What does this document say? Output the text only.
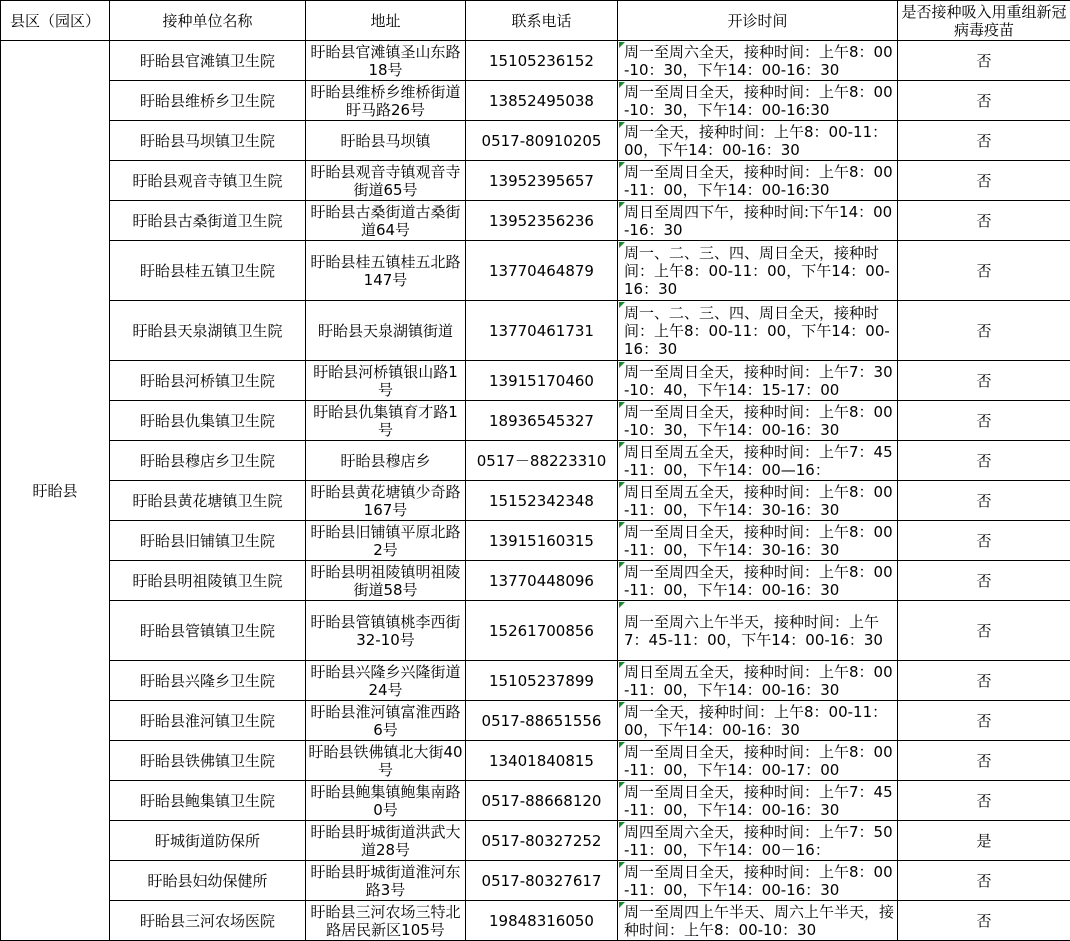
县区（园区）	接种单位名称	地址	联系电话	开诊时间	是否接种吸入用重组新冠病毒疫苗
盱眙县	盱眙县官滩镇卫生院	盱眙县官滩镇圣山东路18号	15105236152	周一至周六全天，接种时间：上午8：00-10：30，下午14：00-16：30	否
	盱眙县维桥乡卫生院	盱眙县维桥乡维桥街道盱马路26号	13852495038	周一至周日全天，接种时间：上午8：00-10：30，下午14：00-16:30	否
	盱眙县马坝镇卫生院	盱眙县马坝镇	0517-80910205	周一全天，接种时间：上午8：00-11：00，下午14：00-16：30	否
	盱眙县观音寺镇卫生院	盱眙县观音寺镇观音寺街道65号	13952395657	周一至周日全天，接种时间：上午8：00-11：00，下午14：00-16:30	否
	盱眙县古桑街道卫生院	盱眙县古桑街道古桑街道64号	13952356236	周日至周四下午，接种时间:下午14：00-16：30	否
	盱眙县桂五镇卫生院	盱眙县桂五镇桂五北路147号	13770464879	周一、二、三、四、周日全天，接种时间：上午8：00-11：00，下午14：00-16：30	否
	盱眙县天泉湖镇卫生院	盱眙县天泉湖镇街道	13770461731	周一、二、三、四、周日全天，接种时间：上午8：00-11：00，下午14：00-16：30	否
	盱眙县河桥镇卫生院	盱眙县河桥镇银山路1号	13915170460	周一至周日全天，接种时间：上午7：30-10：40，下午14：15-17：00	否
	盱眙县仇集镇卫生院	盱眙县仇集镇育才路1号	18936545327	周一至周日全天，接种时间：上午8：00-10：30，下午14：00-16：30	否
	盱眙县穆店乡卫生院	盱眙县穆店乡	0517－88223310	周日至周五全天，接种时间：上午7：45-11：00，下午14：00—16：	否
	盱眙县黄花塘镇卫生院	盱眙县黄花塘镇少奇路167号	15152342348	周日至周五全天，接种时间：上午8：00-11：00，下午14：30-16：30	否
	盱眙县旧铺镇卫生院	盱眙县旧铺镇平原北路2号	13915160315	周一至周日全天，接种时间：上午8：00-11：00，下午14：30-16：30	否
	盱眙县明祖陵镇卫生院	盱眙县明祖陵镇明祖陵街道58号	13770448096	周一至周四全天，接种时间：上午8：00-11：00，下午14：00-16：30	否
	盱眙县管镇镇卫生院	盱眙县管镇镇桃李西街32-10号	15261700856	周一至周六上午半天，接种时间：上午7：45-11：00，下午14：00-16：30	否
	盱眙县兴隆乡卫生院	盱眙县兴隆乡兴隆街道24号	15105237899	周日至周五全天，接种时间：上午8：00-11：00，下午14：00-16：30	否
	盱眙县淮河镇卫生院	盱眙县淮河镇富淮西路6号	0517-88651556	周一全天，接种时间：上午8：00-11：00，下午14：00-16：30	否
	盱眙县铁佛镇卫生院	盱眙县铁佛镇北大街40号	13401840815	周一至周日全天，接种时间：上午8：00-11：00，下午14：00-17：00	否
	盱眙县鲍集镇卫生院	盱眙县鲍集镇鲍集南路0号	0517-88668120	周一至周日全天，接种时间：上午7：45-11：00，下午14：00-16：30	否
	盱城街道防保所	盱眙县盱城街道洪武大道28号	0517-80327252	周四至周六全天，接种时间：上午7：50-11：00，下午14：00－16：	是
	盱眙县妇幼保健所	盱眙县盱城街道淮河东路3号	0517-80327617	周一至周日全天，接种时间：上午8：00-11：00，下午14：00-16：30	否
	盱眙县三河农场医院	盱眙县三河农场三特北路居民新区105号	19848316050	周一至周四上午半天、周六上午半天，接种时间：上午8：00-10：30	否
